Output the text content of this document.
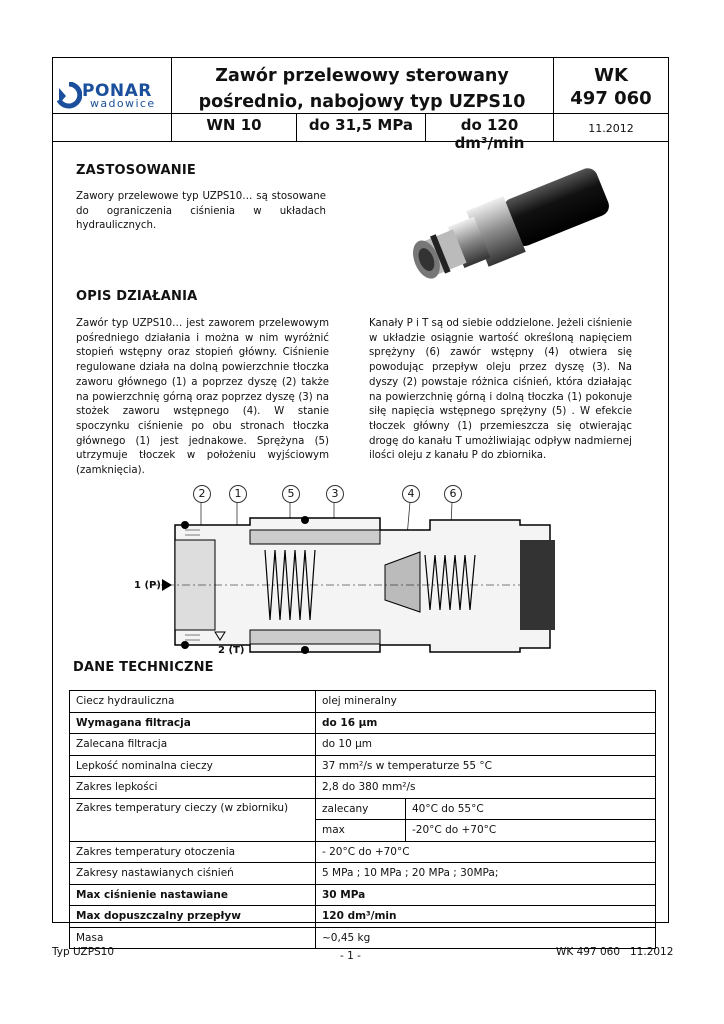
PONAR
wadowice
Zawór przelewowy sterowany
pośrednio, nabojowy typ UZPS10
WK
497 060
WN 10	do 31,5 MPa	do 120 dm³/min
11.2012
ZASTOSOWANIE
Zawory przelewowe typ UZPS10… są stosowane do ograniczenia ciśnienia w układach hydraulicznych.
OPIS DZIAŁANIA
Zawór typ UZPS10… jest zaworem przelewowym pośredniego działania i można w nim wyróżnić stopień wstępny oraz stopień główny. Ciśnienie regulowane działa na dolną powierzchnie tłoczka zaworu głównego (1) a poprzez dyszę (2) także na powierzchnię górną oraz poprzez dyszę (3) na stożek zaworu wstępnego (4). W stanie spoczynku ciśnienie po obu stronach tłoczka głównego (1) jest jednakowe. Sprężyna (5) utrzymuje tłoczek w położeniu wyjściowym (zamknięcia).
Kanały P i T są od siebie oddzielone. Jeżeli ciśnienie w układzie osiągnie wartość określoną napięciem sprężyny (6) zawór wstępny (4) otwiera się powodując przepływ oleju przez dyszę (3). Na dyszy (2) powstaje różnica ciśnień, która działając na powierzchnię górną i dolną tłoczka (1) pokonuje siłę napięcia wstępnego sprężyny (5) . W efekcie tłoczek główny (1) przemieszcza się otwierając drogę do kanału T umożliwiając odpływ nadmiernej ilości oleju z kanału P do zbiornika.
2	1	5	3	4	6
1 (P)
2 (T)
DANE TECHNICZNE
Ciecz hydrauliczna	olej mineralny	
Wymagana filtracja	do 16 µm	
Zalecana filtracja	do 10 µm	
Lepkość nominalna cieczy	37 mm²/s w temperaturze 55 °C	
Zakres lepkości	2,8 do 380 mm²/s	
Zakres temperatury cieczy (w zbiorniku)	zalecany	40°C do 55°C
	max	-20°C do +70°C
Zakres temperatury otoczenia	- 20°C do +70°C	
Zakresy nastawianych ciśnień	5 MPa ; 10 MPa ; 20 MPa ; 30MPa;	
Max ciśnienie nastawiane	30 MPa	
Max dopuszczalny przepływ	120 dm³/min	
Masa	~0,45 kg	
Typ UZPS10	- 1 -	WK 497 060 11.2012
